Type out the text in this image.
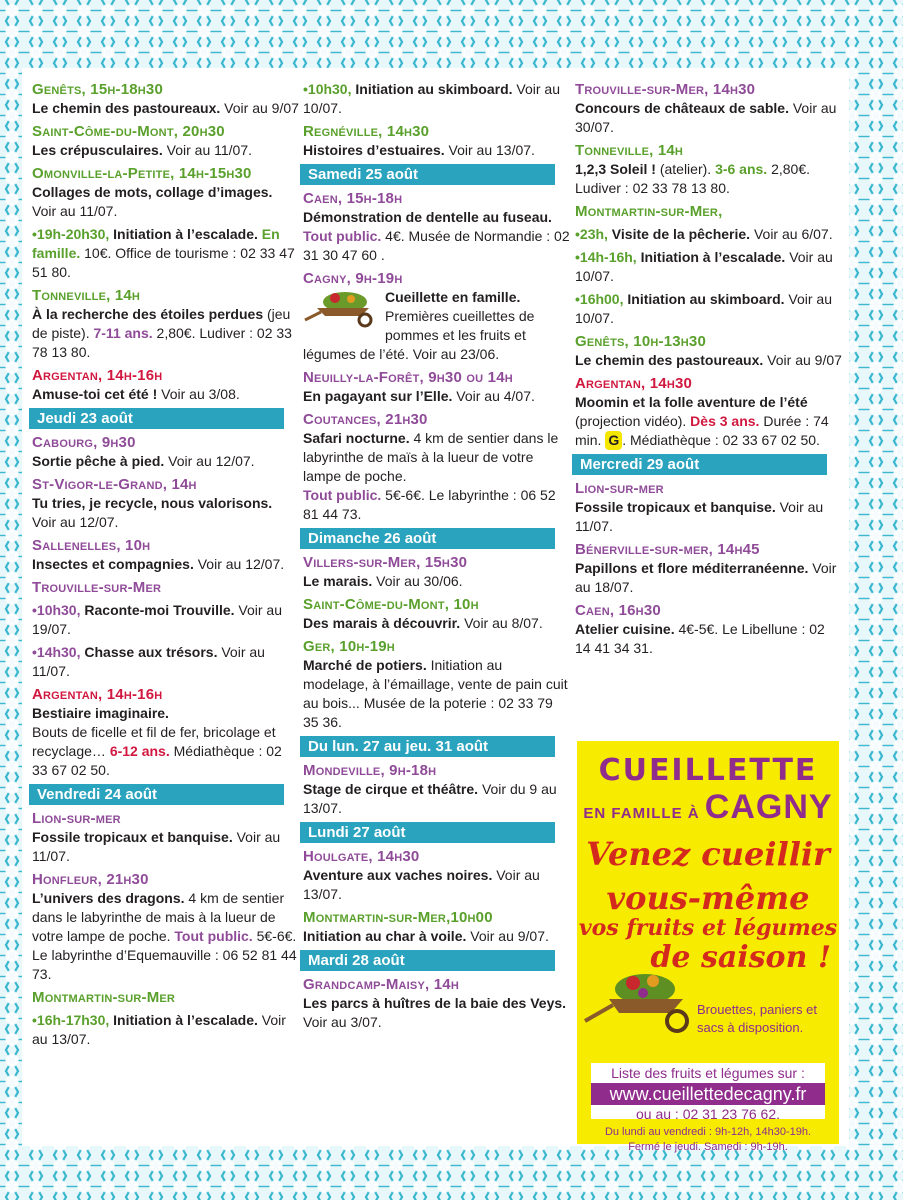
Genêts, 15h-18h30
Le chemin des pastoureaux. Voir au 9/07
Saint-Côme-du-Mont, 20h30
Les crépusculaires. Voir au 11/07.
Omonville-la-Petite, 14h-15h30
Collages de mots, collage d’images. Voir au 11/07.
•19h-20h30, Initiation à l’escalade. En famille. 10€. Office de tourisme : 02 33 47 51 80.
Tonneville, 14h
À la recherche des étoiles perdues (jeu de piste). 7-11 ans. 2,80€. Ludiver : 02 33 78 13 80.
Argentan, 14h-16h
Amuse-toi cet été ! Voir au 3/08.
Jeudi 23 août
Cabourg, 9h30
Sortie pêche à pied. Voir au 12/07.
St-Vigor-le-Grand, 14h
Tu tries, je recycle, nous valorisons. Voir au 12/07.
Sallenelles, 10h
Insectes et compagnies. Voir au 12/07.
Trouville-sur-Mer
•10h30, Raconte-moi Trouville. Voir au 19/07.
•14h30, Chasse aux trésors. Voir au 11/07.
Argentan, 14h-16h
Bestiaire imaginaire.
Bouts de ficelle et fil de fer, bricolage et recyclage… 6-12 ans. Médiathèque : 02 33 67 02 50.
Vendredi 24 août
Lion-sur-mer
Fossile tropicaux et banquise. Voir au 11/07.
Honfleur, 21h30
L’univers des dragons. 4 km de sentier dans le labyrinthe de mais à la lueur de votre lampe de poche. Tout public. 5€-6€. Le labyrinthe d’Equemauville : 06 52 81 44 73.
Montmartin-sur-Mer
•16h-17h30, Initiation à l’escalade. Voir au 13/07.
•10h30, Initiation au skimboard. Voir au 10/07.
Regnéville, 14h30
Histoires d’estuaires. Voir au 13/07.
Samedi 25 août
Caen, 15h-18h
Démonstration de dentelle au fuseau. Tout public. 4€. Musée de Normandie : 02 31 30 47 60 .
Cagny, 9h-19h
Cueillette en famille. Premières cueillettes de pommes et les fruits et légumes de l’été. Voir au 23/06.
Neuilly-la-Forêt, 9h30 ou 14h
En pagayant sur l’Elle. Voir au 4/07.
Coutances, 21h30
Safari nocturne. 4 km de sentier dans le labyrinthe de maïs à la lueur de votre lampe de poche.
Tout public. 5€-6€. Le labyrinthe : 06 52 81 44 73.
Dimanche 26 août
Villers-sur-Mer, 15h30
Le marais. Voir au 30/06.
Saint-Côme-du-Mont, 10h
Des marais à découvrir. Voir au 8/07.
Ger, 10h-19h
Marché de potiers. Initiation au modelage, à l’émaillage, vente de pain cuit au bois... Musée de la poterie : 02 33 79 35 36.
Du lun. 27 au jeu. 31 août
Mondeville, 9h-18h
Stage de cirque et théâtre. Voir du 9 au 13/07.
Lundi 27 août
Houlgate, 14h30
Aventure aux vaches noires. Voir au 13/07.
Montmartin-sur-Mer,10h00
Initiation au char à voile. Voir au 9/07.
Mardi 28 août
Grandcamp-Maisy, 14h
Les parcs à huîtres de la baie des Veys. Voir au 3/07.
Trouville-sur-Mer, 14h30
Concours de châteaux de sable. Voir au 30/07.
Tonneville, 14h
1,2,3 Soleil ! (atelier). 3-6 ans. 2,80€. Ludiver : 02 33 78 13 80.
Montmartin-sur-Mer,
•23h, Visite de la pêcherie. Voir au 6/07.
•14h-16h, Initiation à l’escalade. Voir au 10/07.
•16h00, Initiation au skimboard. Voir au 10/07.
Genêts, 10h-13h30
Le chemin des pastoureaux. Voir au 9/07
Argentan, 14h30
Moomin et la folle aventure de l’été (projection vidéo). Dès 3 ans. Durée : 74 min. G . Médiathèque : 02 33 67 02 50.
Mercredi 29 août
Lion-sur-mer
Fossile tropicaux et banquise. Voir au 11/07.
Bénerville-sur-mer, 14h45
Papillons et flore méditerranéenne. Voir au 18/07.
Caen, 16h30
Atelier cuisine. 4€-5€. Le Libellune : 02 14 41 34 31.
CUEILLETTE
EN FAMILLE À CAGNY
Venez cueillir
vous-même
vos fruits et légumes
de saison !
Brouettes, paniers et sacs à disposition.
Liste des fruits et légumes sur :
www.cueillettedecagny.fr
ou au : 02 31 23 76 62.
Du lundi au vendredi : 9h-12h, 14h30-19h.
Fermé le jeudi. Samedi : 9h-19h.
